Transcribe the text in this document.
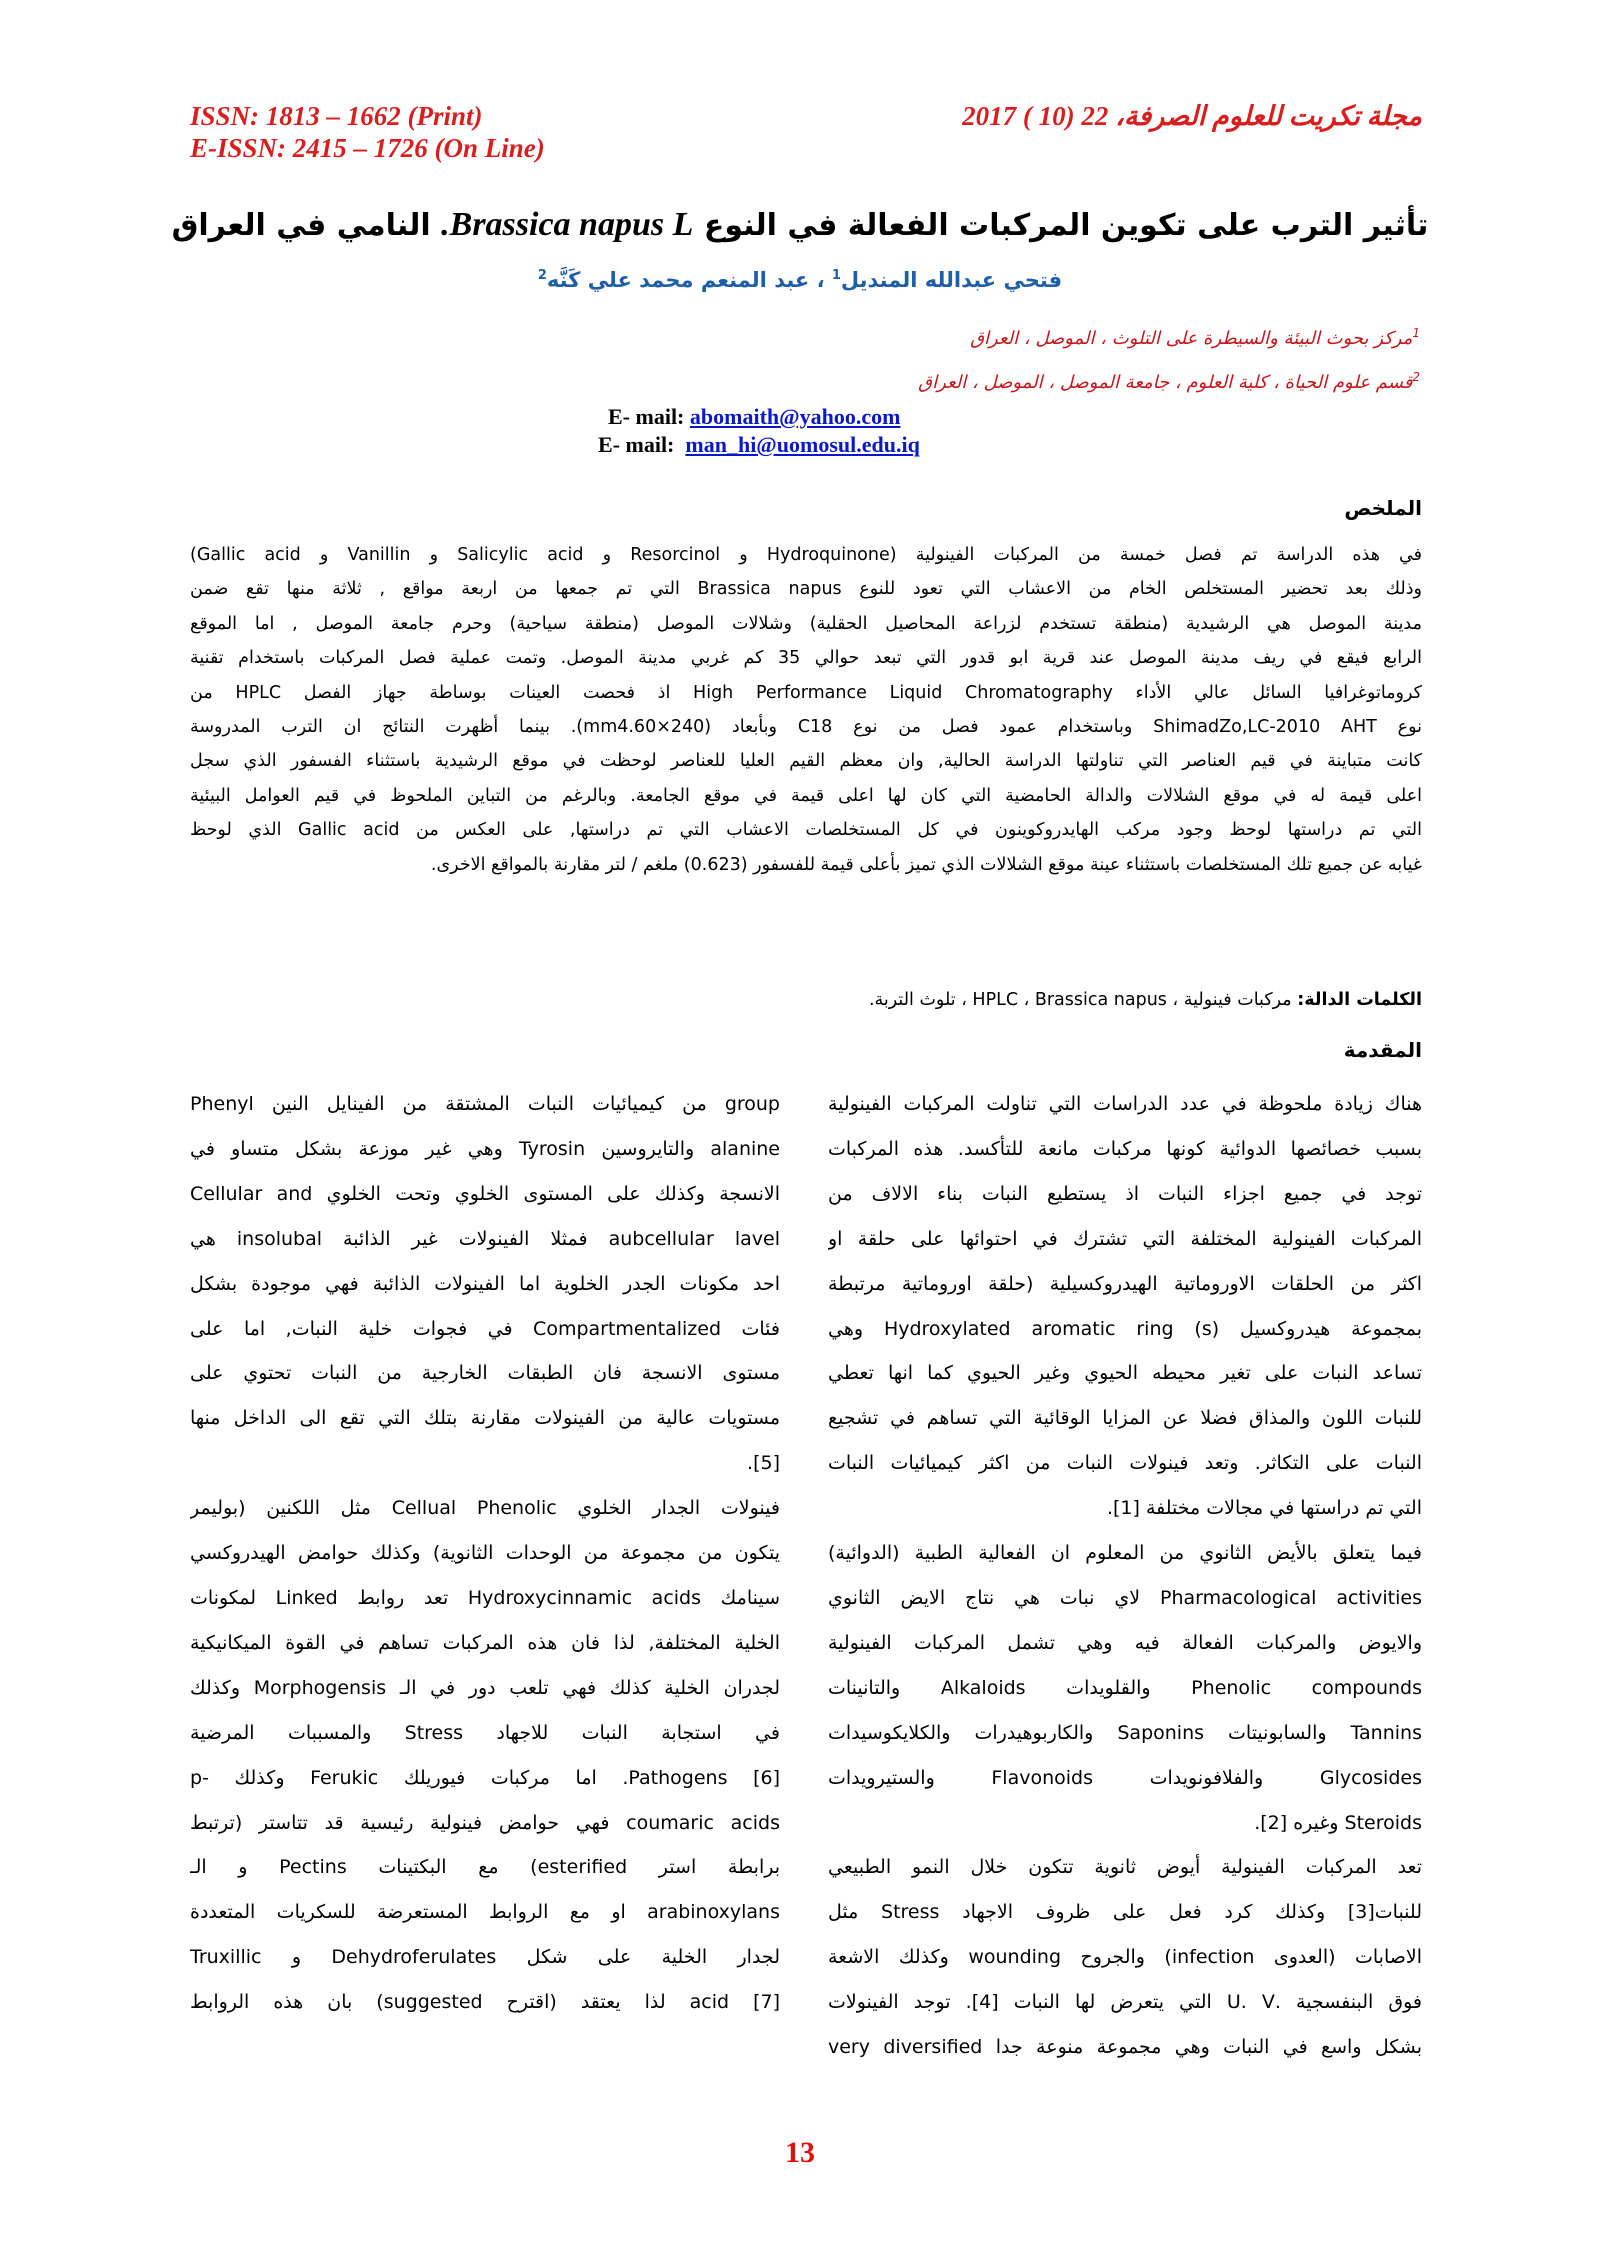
ISSN: 1813 – 1662 (Print)
E-ISSN: 2415 – 1726 (On Line)
مجلة تكريت للعلوم الصرفة، 22 (10 ) 2017
تأثير الترب على تكوين المركبات الفعالة في النوع Brassica napus L. النامي في العراق
فتحي عبدالله المنديل$^1$ ، عبد المنعم محمد علي كَنَّه$^2$
$^1$مركز بحوث البيئة والسيطرة على التلوث ، الموصل ، العراق
$^2$قسم علوم الحياة ، كلية العلوم ، جامعة الموصل ، الموصل ، العراق
E- mail: abomaith@yahoo.com
E- mail: man_hi@uomosul.edu.iq
الملخص
في هذه الدراسة تم فصل خمسة من المركبات الفينولية (Hydroquinone و Resorcinol و Salicylic acid و Vanillin و Gallic acid)
وذلك بعد تحضير المستخلص الخام من الاعشاب التي تعود للنوع Brassica napus التي تم جمعها من اربعة مواقع , ثلاثة منها تقع ضمن
مدينة الموصل هي الرشيدية (منطقة تستخدم لزراعة المحاصيل الحقلية) وشلالات الموصل (منطقة سياحية) وحرم جامعة الموصل , اما الموقع
الرابع فيقع في ريف مدينة الموصل عند قرية ابو قدور التي تبعد حوالي 35 كم غربي مدينة الموصل. وتمت عملية فصل المركبات باستخدام تقنية
كروماتوغرافيا السائل عالي الأداء High Performance Liquid Chromatography اذ فحصت العينات بوساطة جهاز الفصل HPLC من
نوع ShimadZo,LC-2010 AHT وباستخدام عمود فصل من نوع C18 وبأبعاد (mm4.60×240). بينما أظهرت النتائج ان الترب المدروسة
كانت متباينة في قيم العناصر التي تناولتها الدراسة الحالية, وان معظم القيم العليا للعناصر لوحظت في موقع الرشيدية باستثناء الفسفور الذي سجل
اعلى قيمة له في موقع الشلالات والدالة الحامضية التي كان لها اعلى قيمة في موقع الجامعة. وبالرغم من التباين الملحوظ في قيم العوامل البيئية
التي تم دراستها لوحظ وجود مركب الهايدروكوينون في كل المستخلصات الاعشاب التي تم دراستها, على العكس من Gallic acid الذي لوحظ
غيابه عن جميع تلك المستخلصات باستثناء عينة موقع الشلالات الذي تميز بأعلى قيمة للفسفور (0.623) ملغم / لتر مقارنة بالمواقع الاخرى.
الكلمات الدالة: مركبات فينولية ، HPLC ، Brassica napus ، تلوث التربة.
المقدمة
هناك زيادة ملحوظة في عدد الدراسات التي تناولت المركبات الفينولية
بسبب خصائصها الدوائية كونها مركبات مانعة للتأكسد. هذه المركبات
توجد في جميع اجزاء النبات اذ يستطيع النبات بناء الالاف من
المركبات الفينولية المختلفة التي تشترك في احتوائها على حلقة او
اكثر من الحلقات الاوروماتية الهيدروكسيلية (حلقة اوروماتية مرتبطة
بمجموعة هيدروكسيل (Hydroxylated aromatic ring (s وهي
تساعد النبات على تغير محيطه الحيوي وغير الحيوي كما انها تعطي
للنبات اللون والمذاق فضلا عن المزايا الوقائية التي تساهم في تشجيع
النبات على التكاثر. وتعد فينولات النبات من اكثر كيميائيات النبات
التي تم دراستها في مجالات مختلفة [1].
فيما يتعلق بالأيض الثانوي من المعلوم ان الفعالية الطبية (الدوائية)
Pharmacological activities لاي نبات هي نتاج الايض الثانوي
والايوض والمركبات الفعالة فيه وهي تشمل المركبات الفينولية
Phenolic compounds والقلويدات Alkaloids والتانينات
Tannins والسابونيتات Saponins والكاربوهيدرات والكلايكوسيدات
Glycosides والفلافونويدات Flavonoids والستيرويدات
Steroids وغيره [2].
تعد المركبات الفينولية أيوض ثانوية تتكون خلال النمو الطبيعي
للنبات[3] وكذلك كرد فعل على ظروف الاجهاد Stress مثل
الاصابات (العدوى infection) والجروح wounding وكذلك الاشعة
فوق البنفسجية .U. V التي يتعرض لها النبات [4]. توجد الفينولات
بشكل واسع في النبات وهي مجموعة منوعة جدا very diversified
group من كيميائيات النبات المشتقة من الفينايل النين Phenyl
alanine والتايروسين Tyrosin وهي غير موزعة بشكل متساو في
الانسجة وكذلك على المستوى الخلوي وتحت الخلوي Cellular and
aubcellular lavel فمثلا الفينولات غير الذائبة insolubal هي
احد مكونات الجدر الخلوية اما الفينولات الذائبة فهي موجودة بشكل
فئات Compartmentalized في فجوات خلية النبات, اما على
مستوى الانسجة فان الطبقات الخارجية من النبات تحتوي على
مستويات عالية من الفينولات مقارنة بتلك التي تقع الى الداخل منها
[5].
فينولات الجدار الخلوي Cellual Phenolic مثل اللكنين (بوليمر
يتكون من مجموعة من الوحدات الثانوية) وكذلك حوامض الهيدروكسي
سينامك Hydroxycinnamic acids تعد روابط Linked لمكونات
الخلية المختلفة, لذا فان هذه المركبات تساهم في القوة الميكانيكية
لجدران الخلية كذلك فهي تلعب دور في الـ Morphogensis وكذلك
في استجابة النبات للاجهاد Stress والمسببات المرضية
Pathogens [6]. اما مركبات فيوريلك Ferukic وكذلك -p
coumaric acids فهي حوامض فينولية رئيسية قد تتاستر (ترتبط
برابطة استر esterified) مع البكتينات Pectins و الـ
arabinoxylans او مع الروابط المستعرضة للسكريات المتعددة
لجدار الخلية على شكل Dehydroferulates و Truxillic
acid [7] لذا يعتقد (اقترح suggested) بان هذه الروابط
13
